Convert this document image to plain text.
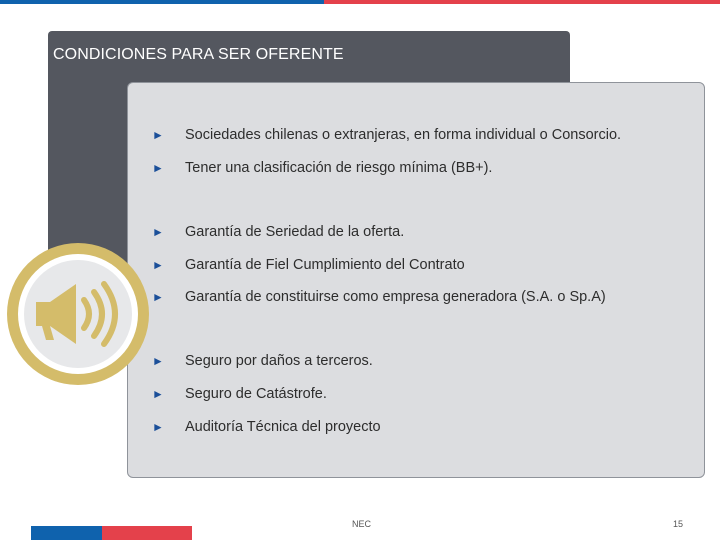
CONDICIONES PARA SER OFERENTE
►	Sociedades chilenas o extranjeras, en forma individual o Consorcio.
►	Tener una clasificación de riesgo mínima (BB+).
►	Garantía de Seriedad de la oferta.
►	Garantía de Fiel Cumplimiento del Contrato
►	Garantía de constituirse como empresa generadora (S.A. o Sp.A)
►	Seguro por daños a terceros.
►	Seguro de Catástrofe.
►	Auditoría Técnica del proyecto
NEC	15
